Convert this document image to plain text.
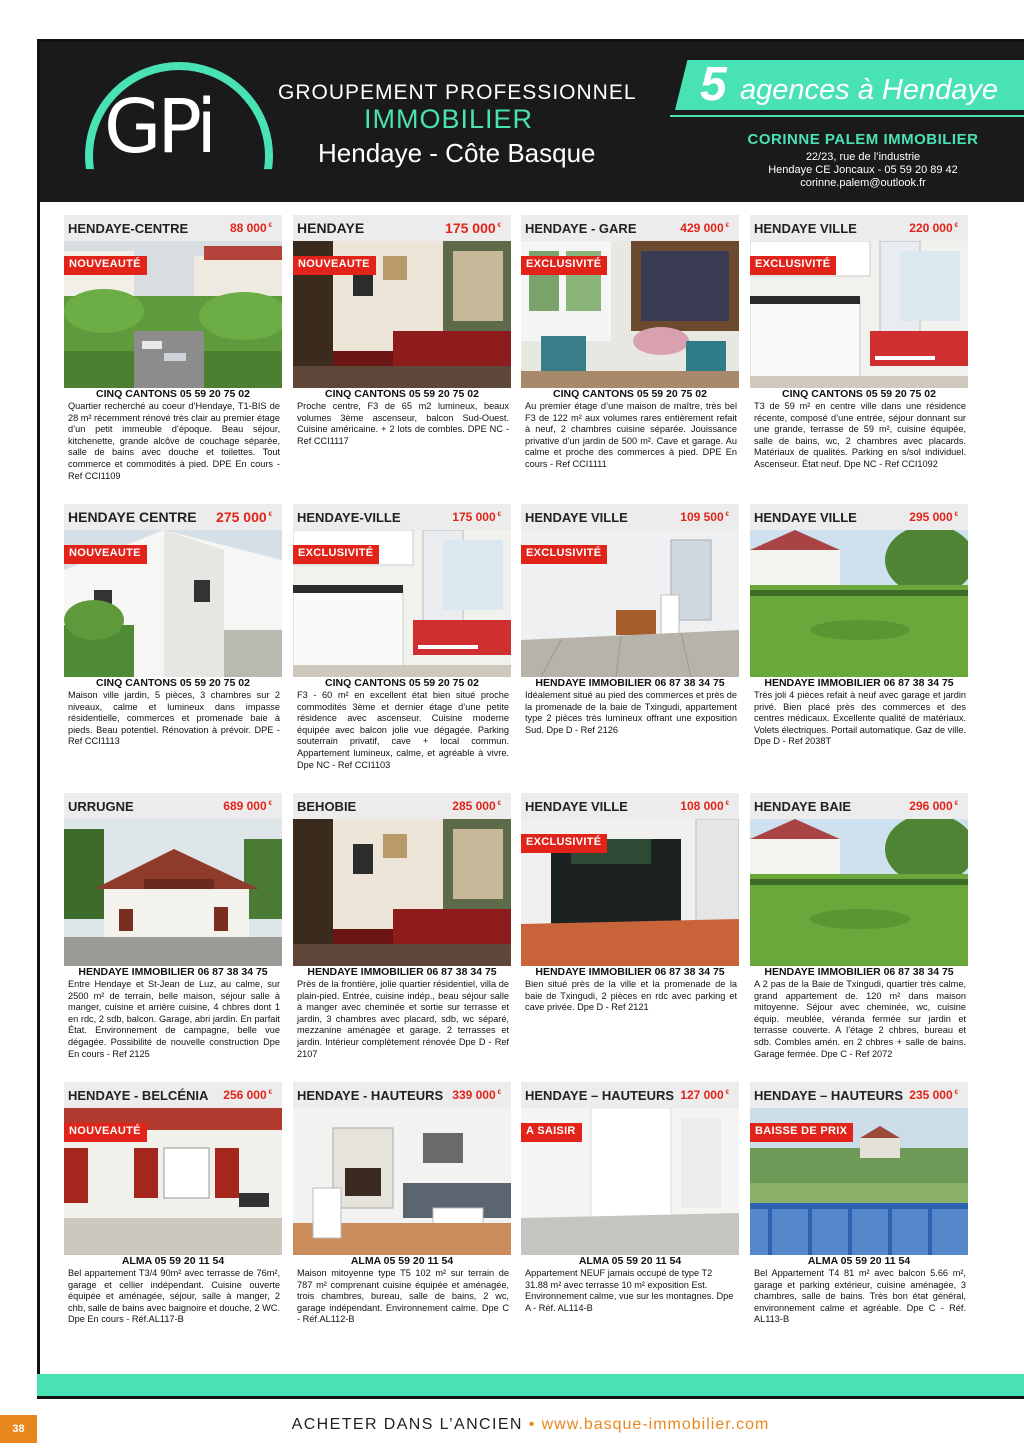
GPi	GROUPEMENT PROFESSIONNEL
IMMOBILIER
Hendaye - Côte Basque
5 agences à Hendaye
CORINNE PALEM IMMOBILIER
22/23, rue de l’industrie
Hendaye CE Joncaux - 05 59 20 89 42
corinne.palem@outlook.fr
HENDAYE-CENTRE	88 000 €
NOUVEAUTÉ
CINQ CANTONS 05 59 20 75 02
Quartier recherché au coeur d’Hendaye, T1-BIS de 28 m² récemment rénové très clair au premier étage d’un petit immeuble d’époque. Beau séjour, kitchenette, grande alcôve de couchage séparée, salle de bains avec douche et toilettes. Tout commerce et commodités à pied. DPE En cours - Ref CCI1109
HENDAYE	175 000 €
NOUVEAUTE
CINQ CANTONS 05 59 20 75 02
Proche centre, F3 de 65 m2 lumineux, beaux volumes 3ème ascenseur, balcon Sud-Ouest. Cuisine américaine. + 2 lots de combles. DPE NC - Ref CCI1117
HENDAYE - GARE	429 000 €
EXCLUSIVITÉ
CINQ CANTONS 05 59 20 75 02
Au premier étage d’une maison de maître, très bel F3 de 122 m² aux volumes rares entièrement refait à neuf, 2 chambres cuisine séparée. Jouissance privative d’un jardin de 500 m². Cave et garage. Au calme et proche des commerces à pied. DPE En cours - Ref CCI1111
HENDAYE VILLE	220 000 €
EXCLUSIVITÉ
CINQ CANTONS 05 59 20 75 02
T3 de 59 m² en centre ville dans une résidence récente, composé d’une entrée, séjour donnant sur une grande, terrasse de 59 m², cuisine équipée, salle de bains, wc, 2 chambres avec placards. Matériaux de qualités. Parking en s/sol individuel. Ascenseur. État neuf. Dpe NC - Ref CCI1092
HENDAYE CENTRE 275 000 €
NOUVEAUTE
CINQ CANTONS 05 59 20 75 02
Maison ville jardin, 5 pièces, 3 chambres sur 2 niveaux, calme et lumineux dans impasse résidentielle, commerces et promenade baie à pieds. Beau potentiel. Rénovation à prévoir. DPE - Ref CCI1113
HENDAYE-VILLE	175 000 €
EXCLUSIVITÉ
CINQ CANTONS 05 59 20 75 02
F3 - 60 m² en excellent état bien situé proche commodités 3ème et dernier étage d’une petite résidence avec ascenseur. Cuisine moderne équipée avec balcon jolie vue dégagée. Parking souterrain privatif, cave + local commun. Appartement lumineux, calme, et agréable à vivre. Dpe NC - Ref CCI1103
HENDAYE VILLE	109 500 €
EXCLUSIVITÉ
HENDAYE IMMOBILIER 06 87 38 34 75
Idéalement situé au pied des commerces et près de la promenade de la baie de Txingudi, appartement type 2 pièces très lumineux offrant une exposition Sud. Dpe D - Ref 2126
HENDAYE VILLE	295 000 €
HENDAYE IMMOBILIER 06 87 38 34 75
Très joli 4 pièces refait à neuf avec garage et jardin privé. Bien placé près des commerces et des centres médicaux. Excellente qualité de matériaux. Volets électriques. Portail automatique. Gaz de ville. Dpe D - Ref 2038T
URRUGNE	689 000 €
HENDAYE IMMOBILIER 06 87 38 34 75
Entre Hendaye et St-Jean de Luz, au calme, sur 2500 m² de terrain, belle maison, séjour salle à manger, cuisine et arrière cuisine, 4 chbres dont 1 en rdc, 2 sdb, balcon. Garage, abri jardin. En parfait État. Environnement de campagne, belle vue dégagée. Possibilité de nouvelle construction Dpe En cours - Ref 2125
BEHOBIE	285 000 €
HENDAYE IMMOBILIER 06 87 38 34 75
Près de la frontière, jolie quartier résidentiel, villa de plain-pied. Entrée, cuisine indép., beau séjour salle à manger avec cheminée et sortie sur terrasse et jardin, 3 chambres avec placard, sdb, wc séparé, mezzanine aménagée et garage. 2 terrasses et jardin. Intérieur complètement rénovée Dpe D - Ref 2107
HENDAYE VILLE	108 000 €
EXCLUSIVITÉ
HENDAYE IMMOBILIER 06 87 38 34 75
Bien situé près de la ville et la promenade de la baie de Txingudi, 2 pièces en rdc avec parking et cave privée. Dpe D - Ref 2121
HENDAYE BAIE	296 000 €
HENDAYE IMMOBILIER 06 87 38 34 75
A 2 pas de la Baie de Txingudi, quartier très calme, grand appartement de. 120 m² dans maison mitoyenne. Séjour avec cheminée, wc, cuisine équip. meublée, véranda fermée sur jardin et terrasse couverte. A l’étage 2 chbres, bureau et sdb. Combles amén. en 2 chbres + salle de bains. Garage fermée. Dpe C - Ref 2072
HENDAYE - BELCÉNIA 256 000 €
NOUVEAUTÉ
ALMA 05 59 20 11 54
Bel appartement T3/4 90m² avec terrasse de 76m², garage et cellier indépendant. Cuisine ouverte équipée et aménagée, séjour, salle à manger, 2 chb, salle de bains avec baignoire et douche, 2 WC. Dpe En cours - Réf.AL117-B
HENDAYE - HAUTEURS 339 000 €
ALMA 05 59 20 11 54
Maison mitoyenne type T5 102 m² sur terrain de 787 m² comprenant cuisine équipée et aménagée, trois chambres, bureau, salle de bains, 2 wc, garage indépendant. Environnement calme. Dpe C - Réf.AL112-B
HENDAYE – HAUTEURS 127 000 €
A SAISIR
ALMA 05 59 20 11 54
Appartement NEUF jamais occupé de type T2 31.88 m² avec terrasse 10 m² exposition Est. Environnement calme, vue sur les montagnes. Dpe A - Réf. AL114-B
HENDAYE – HAUTEURS 235 000 €
BAISSE DE PRIX
ALMA 05 59 20 11 54
Bel Appartement T4 81 m² avec balcon 5.66 m², garage et parking extérieur, cuisine aménagée, 3 chambres, salle de bains. Très bon état général, environnement calme et agréable. Dpe C - Réf. AL113-B
38	ACHETER DANS L’ANCIEN • www.basque-immobilier.com
